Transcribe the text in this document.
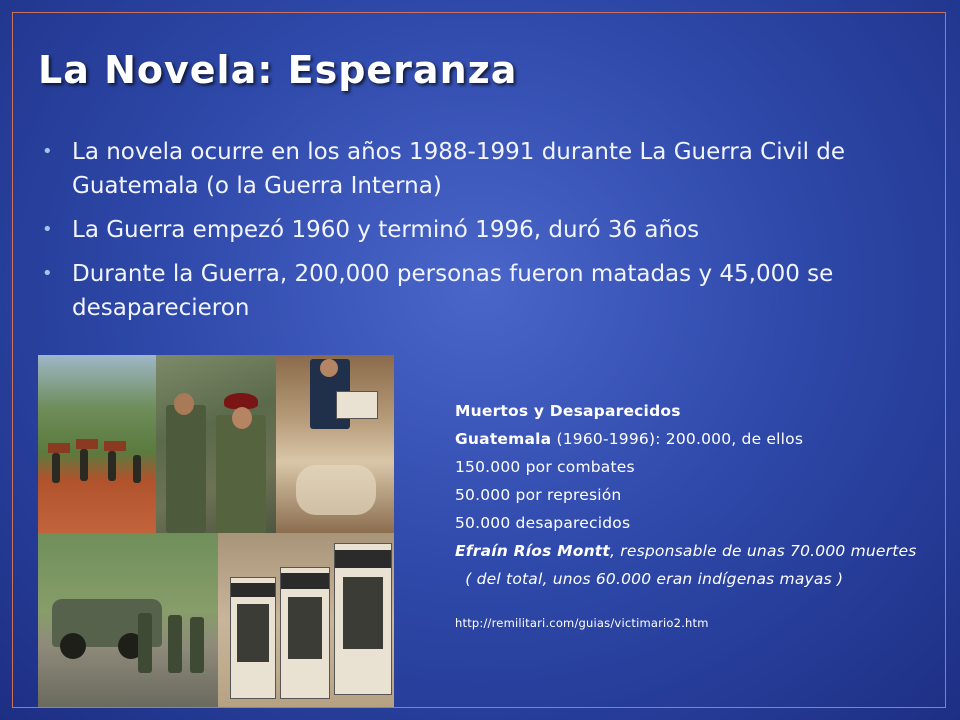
La Novela: Esperanza
• La novela ocurre en los años 1988-1991 durante La Guerra Civil de Guatemala (o la Guerra Interna)
• La Guerra empezó 1960 y terminó 1996, duró 36 años
• Durante la Guerra, 200,000 personas fueron matadas y 45,000 se desaparecieron
Muertos y Desaparecidos
Guatemala (1960-1996): 200.000, de ellos
150.000 por combates
50.000 por represión
50.000 desaparecidos
Efraín Ríos Montt, responsable de unas 70.000 muertes
( del total, unos 60.000 eran indígenas mayas )
http://remilitari.com/guias/victimario2.htm
